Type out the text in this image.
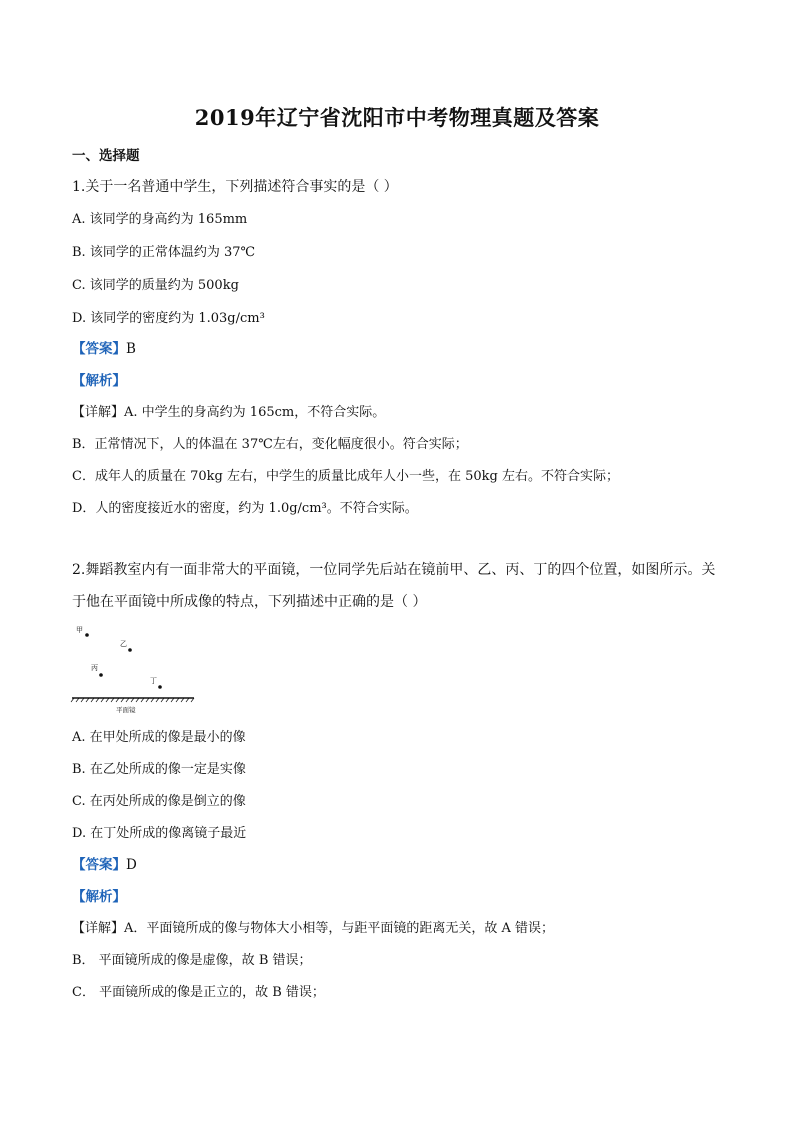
2019年辽宁省沈阳市中考物理真题及答案
一、选择题
1.关于一名普通中学生，下列描述符合事实的是（ ）
A. 该同学的身高约为 165mm
B. 该同学的正常体温约为 37℃
C. 该同学的质量约为 500kg
D. 该同学的密度约为 1.03g/cm³
【答案】B
【解析】
【详解】A. 中学生的身高约为 165cm，不符合实际。
B．正常情况下，人的体温在 37℃左右，变化幅度很小。符合实际；
C．成年人的质量在 70kg 左右，中学生的质量比成年人小一些，在 50kg 左右。不符合实际；
D．人的密度接近水的密度，约为 1.0g/cm³。不符合实际。
2.舞蹈教室内有一面非常大的平面镜，一位同学先后站在镜前甲、乙、丙、丁的四个位置，如图所示。关
于他在平面镜中所成像的特点，下列描述中正确的是（ ）
甲
乙
丙
丁
平面镜
A. 在甲处所成的像是最小的像
B. 在乙处所成的像一定是实像
C. 在丙处所成的像是倒立的像
D. 在丁处所成的像离镜子最近
【答案】D
【解析】
【详解】A．平面镜所成的像与物体大小相等，与距平面镜的距离无关，故 A 错误；
B． 平面镜所成的像是虚像，故 B 错误；
C． 平面镜所成的像是正立的，故 B 错误；
